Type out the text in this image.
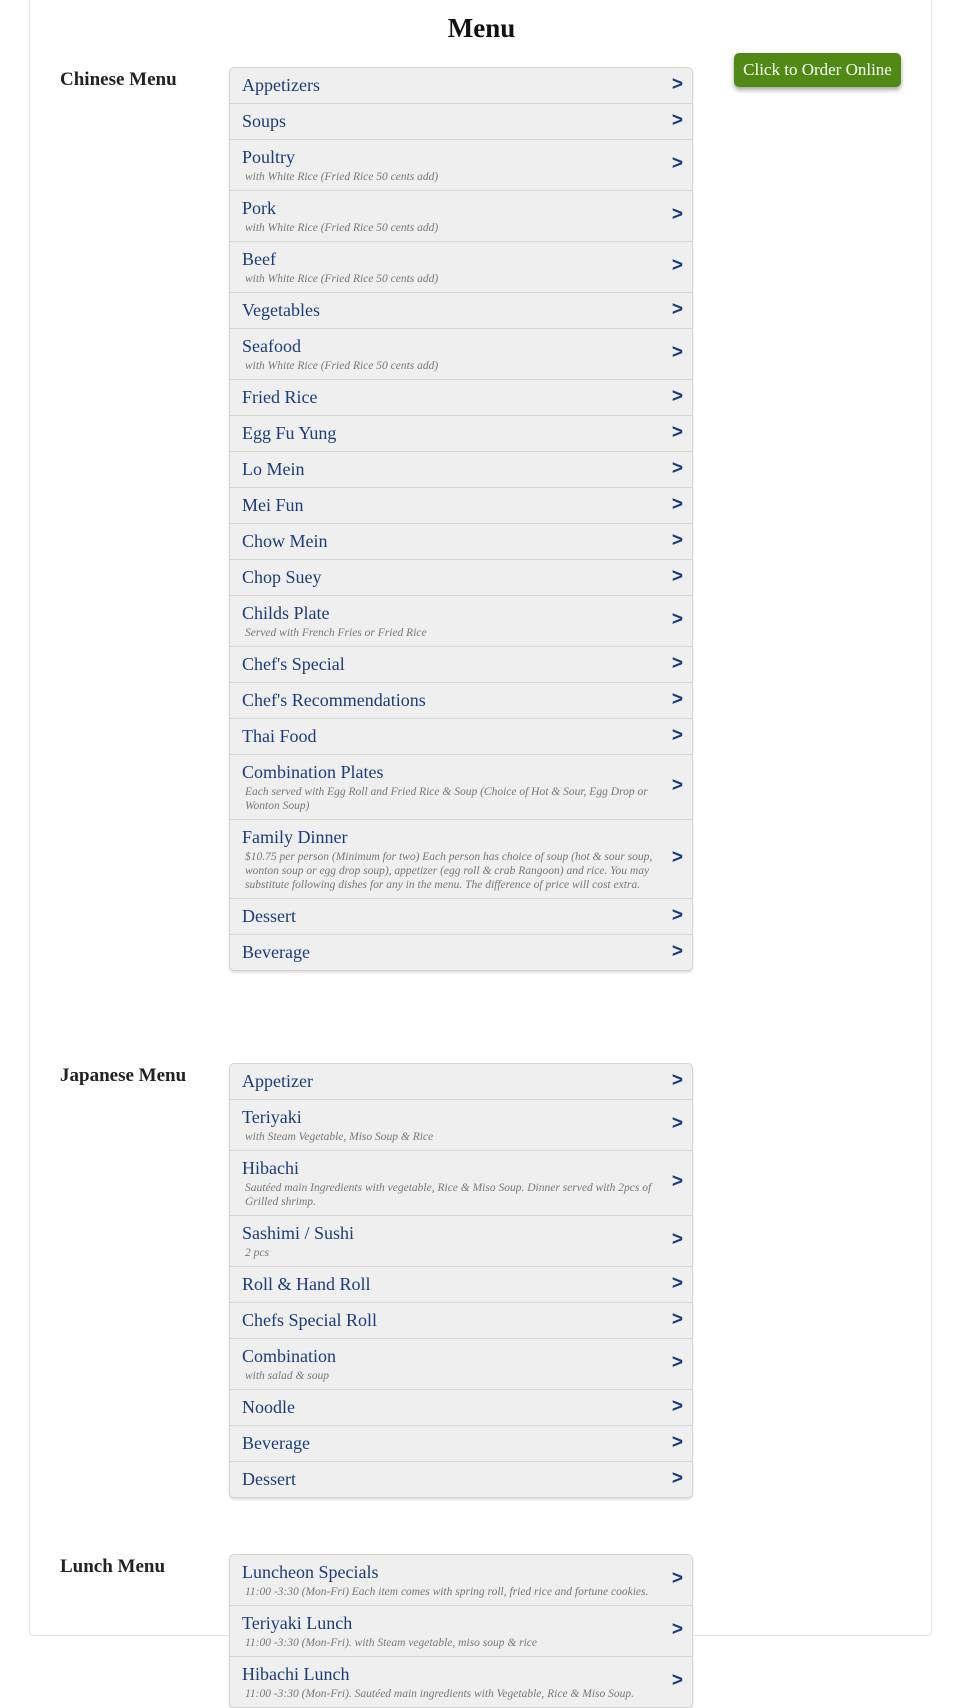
Menu
Click to Order Online
Chinese Menu	Appetizers	>
Soups	>
Poultry
with White Rice (Fried Rice 50 cents add)
>
Pork
with White Rice (Fried Rice 50 cents add)
>
Beef
with White Rice (Fried Rice 50 cents add)
>
Vegetables	>
Seafood
with White Rice (Fried Rice 50 cents add)
>
Fried Rice	>
Egg Fu Yung	>
Lo Mein	>
Mei Fun	>
Chow Mein	>
Chop Suey	>
Childs Plate
Served with French Fries or Fried Rice
>
Chef's Special	>
Chef's Recommendations	>
Thai Food	>
Combination Plates
Each served with Egg Roll and Fried Rice & Soup (Choice of Hot & Sour, Egg Drop or Wonton Soup)
>
Family Dinner
$10.75 per person (Minimum for two) Each person has choice of soup (hot & sour soup, wonton soup or egg drop soup), appetizer (egg roll & crab Rangoon) and rice. You may substitute following dishes for any in the menu. The difference of price will cost extra.
>
Dessert	>
Beverage	>
Japanese Menu	Appetizer	>
Teriyaki
with Steam Vegetable, Miso Soup & Rice
>
Hibachi
Sautéed main Ingredients with vegetable, Rice & Miso Soup. Dinner served with 2pcs of Grilled shrimp.
>
Sashimi / Sushi
2 pcs
>
Roll & Hand Roll	>
Chefs Special Roll	>
Combination
with salad & soup
>
Noodle	>
Beverage	>
Dessert	>
Lunch Menu	Luncheon Specials
11:00 -3:30 (Mon-Fri) Each item comes with spring roll, fried rice and fortune cookies.
>
Teriyaki Lunch
11:00 -3:30 (Mon-Fri). with Steam vegetable, miso soup & rice
>
Hibachi Lunch
11:00 -3:30 (Mon-Fri). Sautéed main ingredients with Vegetable, Rice & Miso Soup.
>
